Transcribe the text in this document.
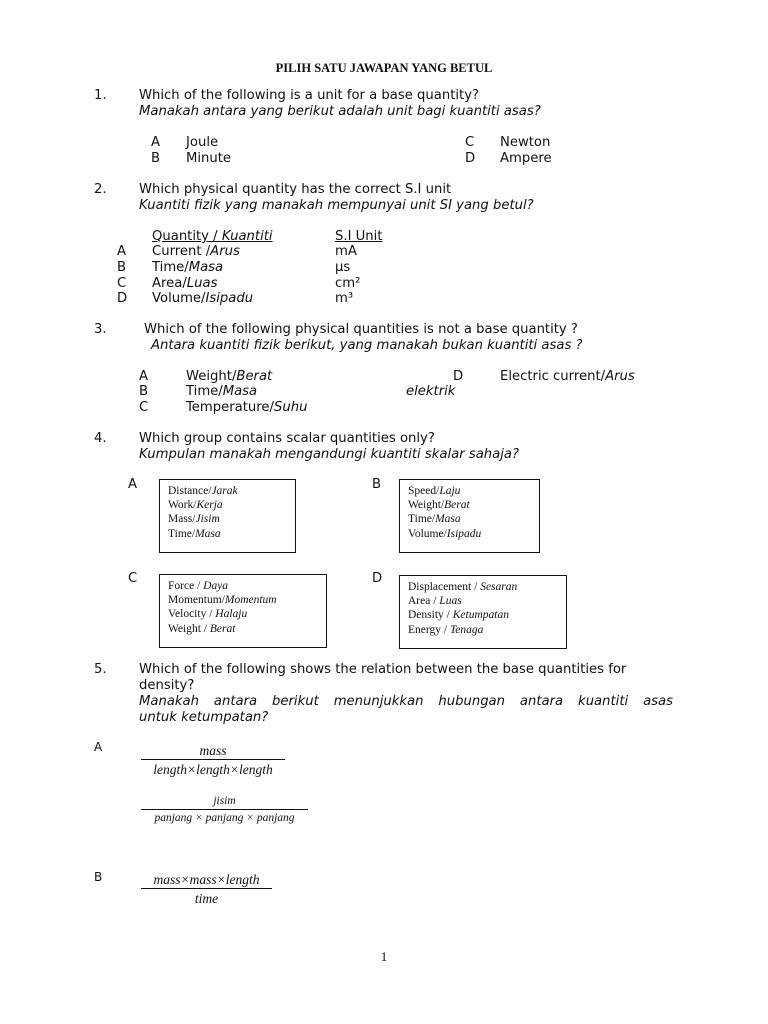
PILIH SATU JAWAPAN YANG BETUL
1. Which of the following is a unit for a base quantity?
Manakah antara yang berikut adalah unit bagi kuantiti asas?
A Joule
B Minute
C Newton
D Ampere
2. Which physical quantity has the correct S.I unit
Kuantiti fizik yang manakah mempunyai unit SI yang betul?
Quantity / Kuantiti	S.I Unit
A Current /Arus	mA
B Time/Masa	µs
C Area/Luas	cm²
D Volume/Isipadu	m³
3.	Which of the following physical quantities is not a base quantity ?
Antara kuantiti fizik berikut, yang manakah bukan kuantiti asas ?
A	Weight/Berat
B	Time/Masa
C	Temperature/Suhu
D	Electric current/Arus
elektrik
4. Which group contains scalar quantities only?
Kumpulan manakah mengandungi kuantiti skalar sahaja?
A	Distance/Jarak
Work/Kerja
Mass/Jisim
Time/Masa
B Speed/Laju
Weight/Berat
Time/Masa
Volume/Isipadu
C	Force / Daya
Momentum/Momentum
Velocity / Halaju
Weight / Berat
D
Displacement / Sesaran
Area / Luas
Density / Ketumpatan
Energy / Tenaga
5. Which of the following shows the relation between the base quantities for
density?
Manakah antara berikut menunjukkan hubungan antara kuantiti asas
untuk ketumpatan?
A	mass
length×length×length
jisim
panjang × panjang × panjang
B	mass×mass×length
time
1
